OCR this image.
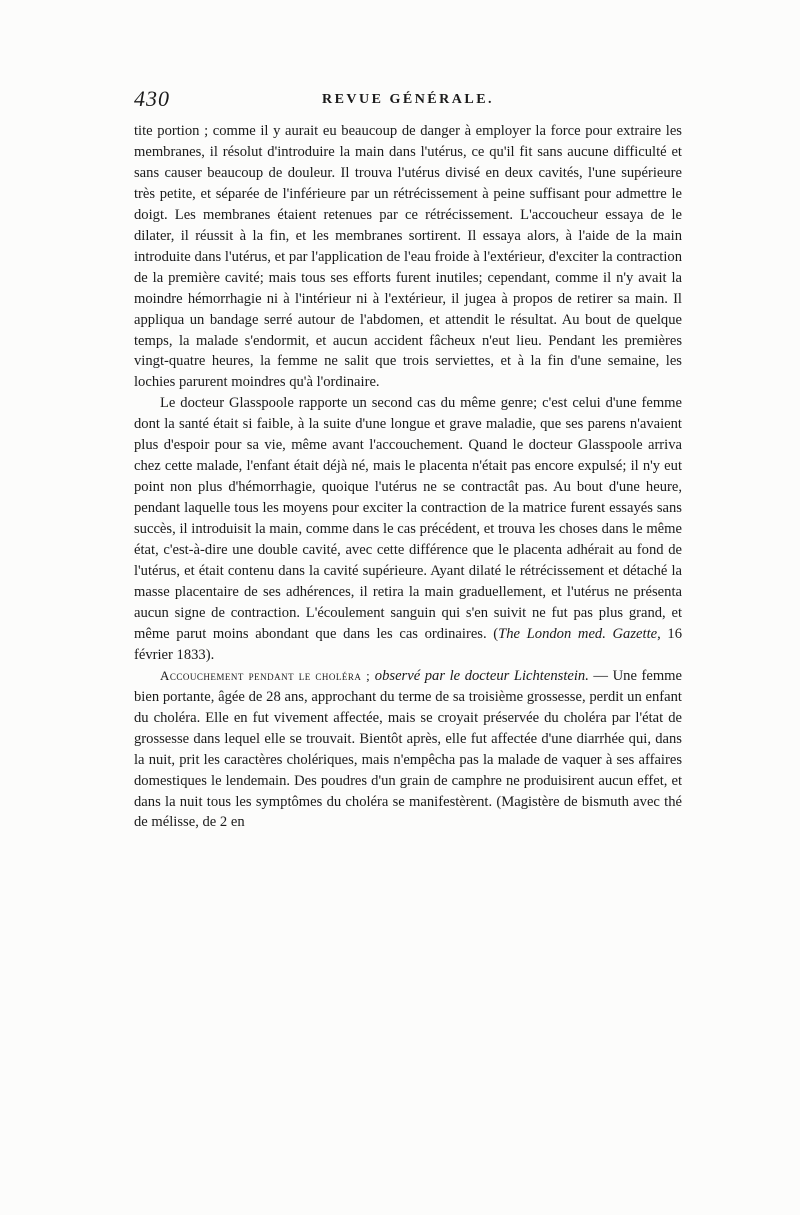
430	REVUE GÉNÉRALE.

tite portion ; comme il y aurait eu beaucoup de danger à employer la force pour extraire les membranes, il résolut d'introduire la main dans l'utérus, ce qu'il fit sans aucune difficulté et sans causer beaucoup de douleur. Il trouva l'utérus divisé en deux cavités, l'une supérieure très petite, et séparée de l'inférieure par un rétrécissement à peine suffisant pour admettre le doigt. Les membranes étaient retenues par ce rétrécissement. L'accoucheur essaya de le dilater, il réussit à la fin, et les membranes sortirent. Il essaya alors, à l'aide de la main introduite dans l'utérus, et par l'application de l'eau froide à l'extérieur, d'exciter la contraction de la première cavité; mais tous ses efforts furent inutiles; cependant, comme il n'y avait la moindre hémorrhagie ni à l'intérieur ni à l'extérieur, il jugea à propos de retirer sa main. Il appliqua un bandage serré autour de l'abdomen, et attendit le résultat. Au bout de quelque temps, la malade s'endormit, et aucun accident fâcheux n'eut lieu. Pendant les premières vingt-quatre heures, la femme ne salit que trois serviettes, et à la fin d'une semaine, les lochies parurent moindres qu'à l'ordinaire.

Le docteur Glasspoole rapporte un second cas du même genre; c'est celui d'une femme dont la santé était si faible, à la suite d'une longue et grave maladie, que ses parens n'avaient plus d'espoir pour sa vie, même avant l'accouchement. Quand le docteur Glasspoole arriva chez cette malade, l'enfant était déjà né, mais le placenta n'était pas encore expulsé; il n'y eut point non plus d'hémorrhagie, quoique l'utérus ne se contractât pas. Au bout d'une heure, pendant laquelle tous les moyens pour exciter la contraction de la matrice furent essayés sans succès, il introduisit la main, comme dans le cas précédent, et trouva les choses dans le même état, c'est-à-dire une double cavité, avec cette différence que le placenta adhérait au fond de l'utérus, et était contenu dans la cavité supérieure. Ayant dilaté le rétrécissement et détaché la masse placentaire de ses adhérences, il retira la main graduellement, et l'utérus ne présenta aucun signe de contraction. L'écoulement sanguin qui s'en suivit ne fut pas plus grand, et même parut moins abondant que dans les cas ordinaires. (The London med. Gazette, 16 février 1833).

Accouchement pendant le choléra ; observé par le docteur Lichtenstein. — Une femme bien portante, âgée de 28 ans, approchant du terme de sa troisième grossesse, perdit un enfant du choléra. Elle en fut vivement affectée, mais se croyait préservée du choléra par l'état de grossesse dans lequel elle se trouvait. Bientôt après, elle fut affectée d'une diarrhée qui, dans la nuit, prit les caractères cholériques, mais n'empêcha pas la malade de vaquer à ses affaires domestiques le lendemain. Des poudres d'un grain de camphre ne produisirent aucun effet, et dans la nuit tous les symptômes du choléra se manifestèrent. (Magistère de bismuth avec thé de mélisse, de 2 en
